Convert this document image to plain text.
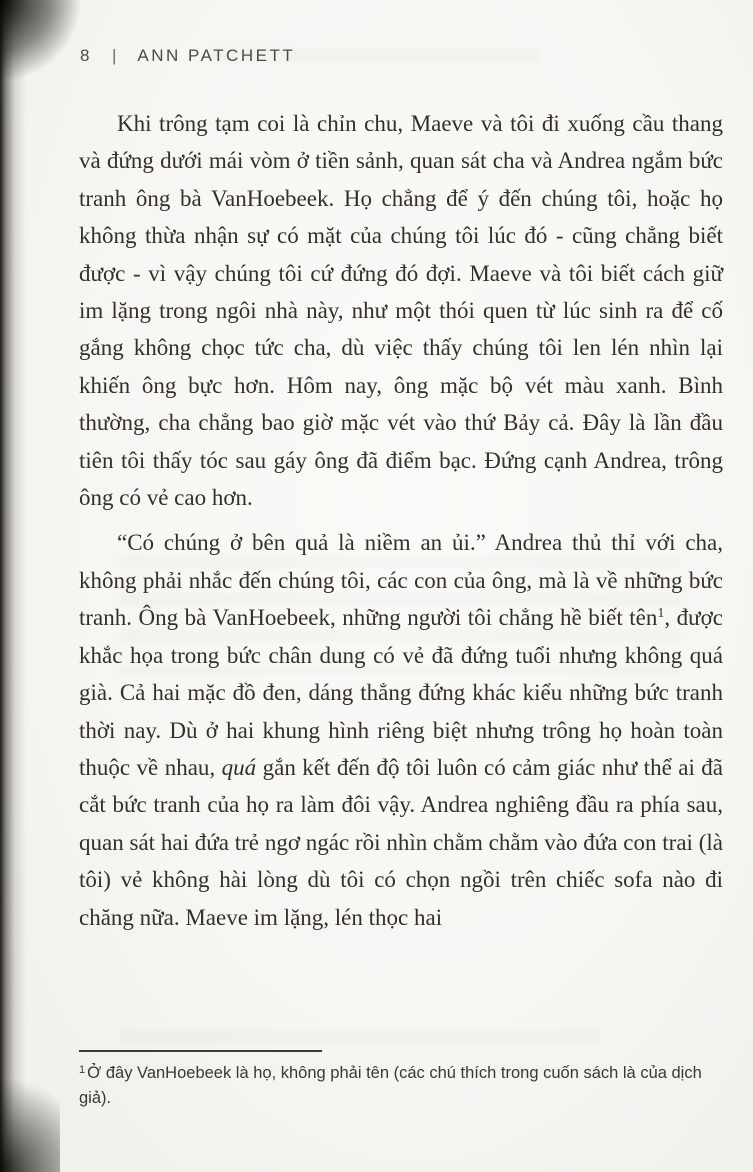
8 | ANN PATCHETT

Khi trông tạm coi là chỉn chu, Maeve và tôi đi xuống cầu thang và đứng dưới mái vòm ở tiền sảnh, quan sát cha và Andrea ngắm bức tranh ông bà VanHoebeek. Họ chẳng để ý đến chúng tôi, hoặc họ không thừa nhận sự có mặt của chúng tôi lúc đó - cũng chẳng biết được - vì vậy chúng tôi cứ đứng đó đợi. Maeve và tôi biết cách giữ im lặng trong ngôi nhà này, như một thói quen từ lúc sinh ra để cố gắng không chọc tức cha, dù việc thấy chúng tôi len lén nhìn lại khiến ông bực hơn. Hôm nay, ông mặc bộ vét màu xanh. Bình thường, cha chẳng bao giờ mặc vét vào thứ Bảy cả. Đây là lần đầu tiên tôi thấy tóc sau gáy ông đã điểm bạc. Đứng cạnh Andrea, trông ông có vẻ cao hơn.

“Có chúng ở bên quả là niềm an ủi.” Andrea thủ thỉ với cha, không phải nhắc đến chúng tôi, các con của ông, mà là về những bức tranh. Ông bà VanHoebeek, những người tôi chẳng hề biết tên$^1$, được khắc họa trong bức chân dung có vẻ đã đứng tuổi nhưng không quá già. Cả hai mặc đồ đen, dáng thẳng đứng khác kiểu những bức tranh thời nay. Dù ở hai khung hình riêng biệt nhưng trông họ hoàn toàn thuộc về nhau, quá gắn kết đến độ tôi luôn có cảm giác như thể ai đã cắt bức tranh của họ ra làm đôi vậy. Andrea nghiêng đầu ra phía sau, quan sát hai đứa trẻ ngơ ngác rồi nhìn chằm chằm vào đứa con trai (là tôi) vẻ không hài lòng dù tôi có chọn ngồi trên chiếc sofa nào đi chăng nữa. Maeve im lặng, lén thọc hai

$^1$ Ở đây VanHoebeek là họ, không phải tên (các chú thích trong cuốn sách là của dịch giả).
